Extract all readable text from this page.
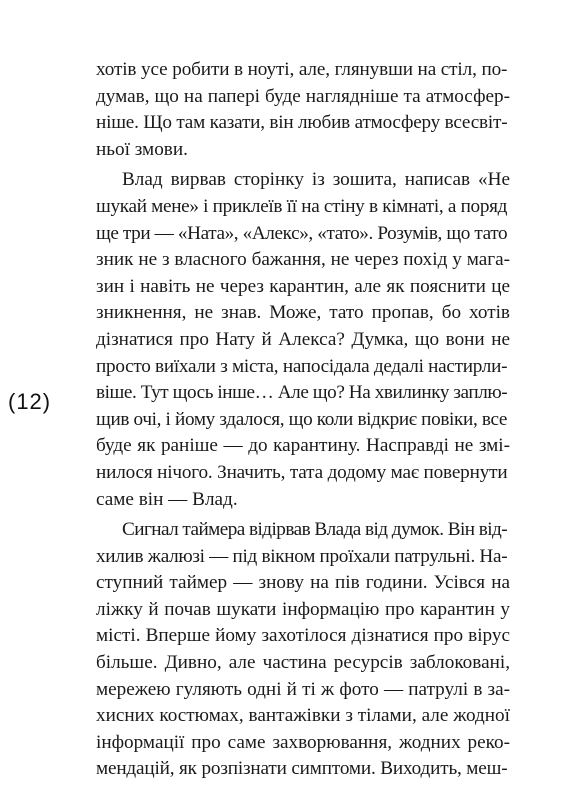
(12)
хотів усе робити в ноуті, але, глянувши на стіл, по-
думав, що на папері буде наглядніше та атмосфер-
ніше. Що там казати, він любив атмосферу всесвіт-
ньої змови.
Влад вирвав сторінку із зошита, написав «Не
шукай мене» і приклеїв її на стіну в кімнаті, а поряд
ще три — «Ната», «Алекс», «тато». Розумів, що тато
зник не з власного бажання, не через похід у мага-
зин і навіть не через карантин, але як пояснити це
зникнення, не знав. Може, тато пропав, бо хотів
дізнатися про Нату й Алекса? Думка, що вони не
просто виїхали з міста, напосідала дедалі настирли-
віше. Тут щось інше… Але що? На хвилинку заплю-
щив очі, і йому здалося, що коли відкриє повіки, все
буде як раніше — до карантину. Насправді не змі-
нилося нічого. Значить, тата додому має повернути
саме він — Влад.
Сигнал таймера відірвав Влада від думок. Він від-
хилив жалюзі — під вікном проїхали патрульні. На-
ступний таймер — знову на пів години. Усівся на
ліжку й почав шукати інформацію про карантин у
місті. Вперше йому захотілося дізнатися про вірус
більше. Дивно, але частина ресурсів заблоковані,
мережею гуляють одні й ті ж фото — патрулі в за-
хисних костюмах, вантажівки з тілами, але жодної
інформації про саме захворювання, жодних реко-
мендацій, як розпізнати симптоми. Виходить, меш-
